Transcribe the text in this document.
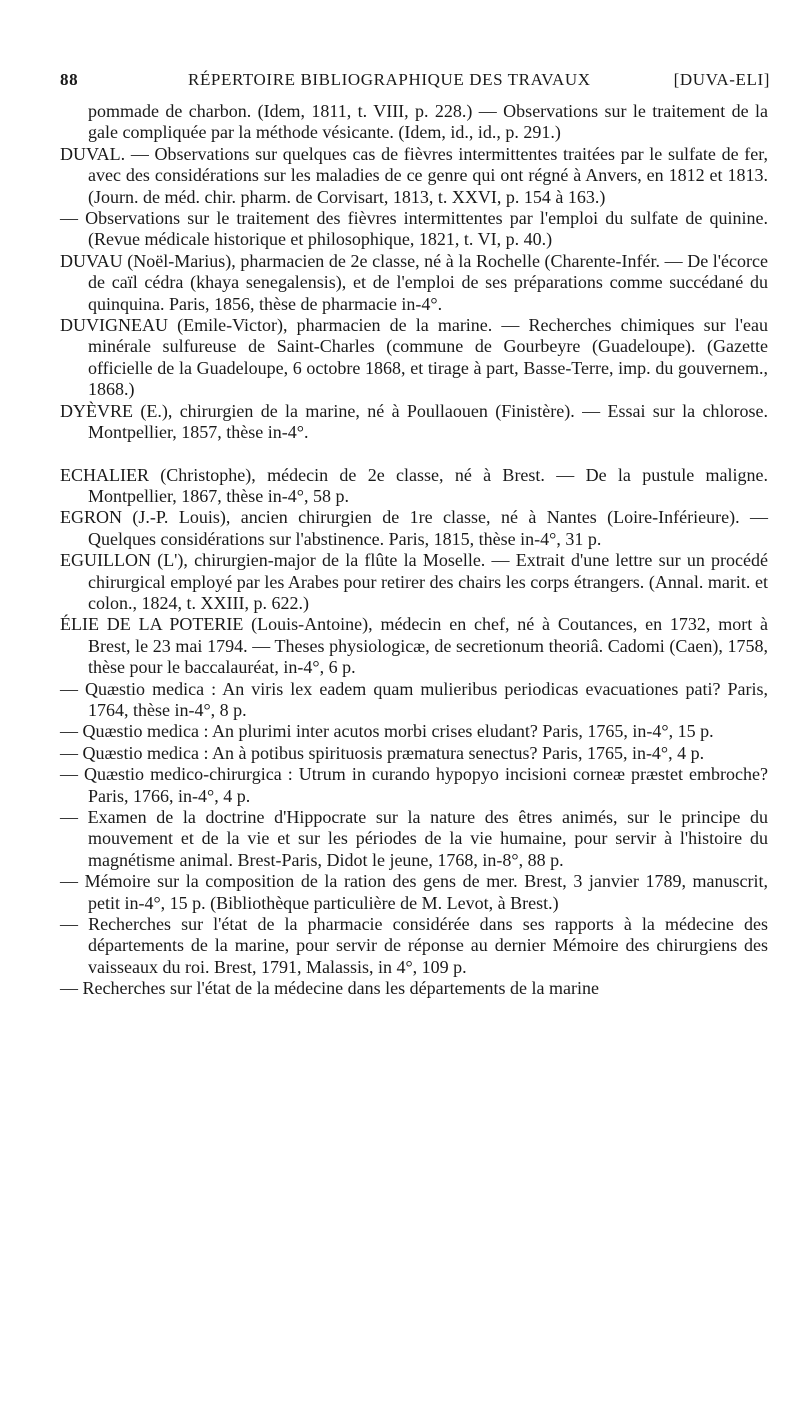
88	RÉPERTOIRE BIBLIOGRAPHIQUE DES TRAVAUX	[DUVA-ELI]

pommade de charbon. (Idem, 1811, t. VIII, p. 228.) — Observations sur le traitement de la gale compliquée par la méthode vésicante. (Idem, id., id., p. 291.)

DUVAL. — Observations sur quelques cas de fièvres intermittentes traitées par le sulfate de fer, avec des considérations sur les maladies de ce genre qui ont régné à Anvers, en 1812 et 1813. (Journ. de méd. chir. pharm. de Corvisart, 1813, t. XXVI, p. 154 à 163.)

— Observations sur le traitement des fièvres intermittentes par l'emploi du sulfate de quinine. (Revue médicale historique et philosophique, 1821, t. VI, p. 40.)

DUVAU (Noël-Marius), pharmacien de 2e classe, né à la Rochelle (Charente-Infér. — De l'écorce de caïl cédra (khaya senegalensis), et de l'emploi de ses préparations comme succédané du quinquina. Paris, 1856, thèse de pharmacie in-4°.

DUVIGNEAU (Emile-Victor), pharmacien de la marine. — Recherches chimiques sur l'eau minérale sulfureuse de Saint-Charles (commune de Gourbeyre (Guadeloupe). (Gazette officielle de la Guadeloupe, 6 octobre 1868, et tirage à part, Basse-Terre, imp. du gouvernem., 1868.)

DYÈVRE (E.), chirurgien de la marine, né à Poullaouen (Finistère). — Essai sur la chlorose. Montpellier, 1857, thèse in-4°.

ECHALIER (Christophe), médecin de 2e classe, né à Brest. — De la pustule maligne. Montpellier, 1867, thèse in-4°, 58 p.

EGRON (J.-P. Louis), ancien chirurgien de 1re classe, né à Nantes (Loire-Inférieure). — Quelques considérations sur l'abstinence. Paris, 1815, thèse in-4°, 31 p.

EGUILLON (L'), chirurgien-major de la flûte la Moselle. — Extrait d'une lettre sur un procédé chirurgical employé par les Arabes pour retirer des chairs les corps étrangers. (Annal. marit. et colon., 1824, t. XXIII, p. 622.)

ÉLIE DE LA POTERIE (Louis-Antoine), médecin en chef, né à Coutances, en 1732, mort à Brest, le 23 mai 1794. — Theses physiologicæ, de secretionum theoriâ. Cadomi (Caen), 1758, thèse pour le baccalauréat, in-4°, 6 p.

— Quæstio medica : An viris lex eadem quam mulieribus periodicas evacuationes pati? Paris, 1764, thèse in-4°, 8 p.

— Quæstio medica : An plurimi inter acutos morbi crises eludant? Paris, 1765, in-4°, 15 p.

— Quæstio medica : An à potibus spirituosis præmatura senectus? Paris, 1765, in-4°, 4 p.

— Quæstio medico-chirurgica : Utrum in curando hypopyo incisioni corneæ præstet embroche? Paris, 1766, in-4°, 4 p.

— Examen de la doctrine d'Hippocrate sur la nature des êtres animés, sur le principe du mouvement et de la vie et sur les périodes de la vie humaine, pour servir à l'histoire du magnétisme animal. Brest-Paris, Didot le jeune, 1768, in-8°, 88 p.

— Mémoire sur la composition de la ration des gens de mer. Brest, 3 janvier 1789, manuscrit, petit in-4°, 15 p. (Bibliothèque particulière de M. Levot, à Brest.)

— Recherches sur l'état de la pharmacie considérée dans ses rapports à la médecine des départements de la marine, pour servir de réponse au dernier Mémoire des chirurgiens des vaisseaux du roi. Brest, 1791, Malassis, in 4°, 109 p.

— Recherches sur l'état de la médecine dans les départements de la marine
